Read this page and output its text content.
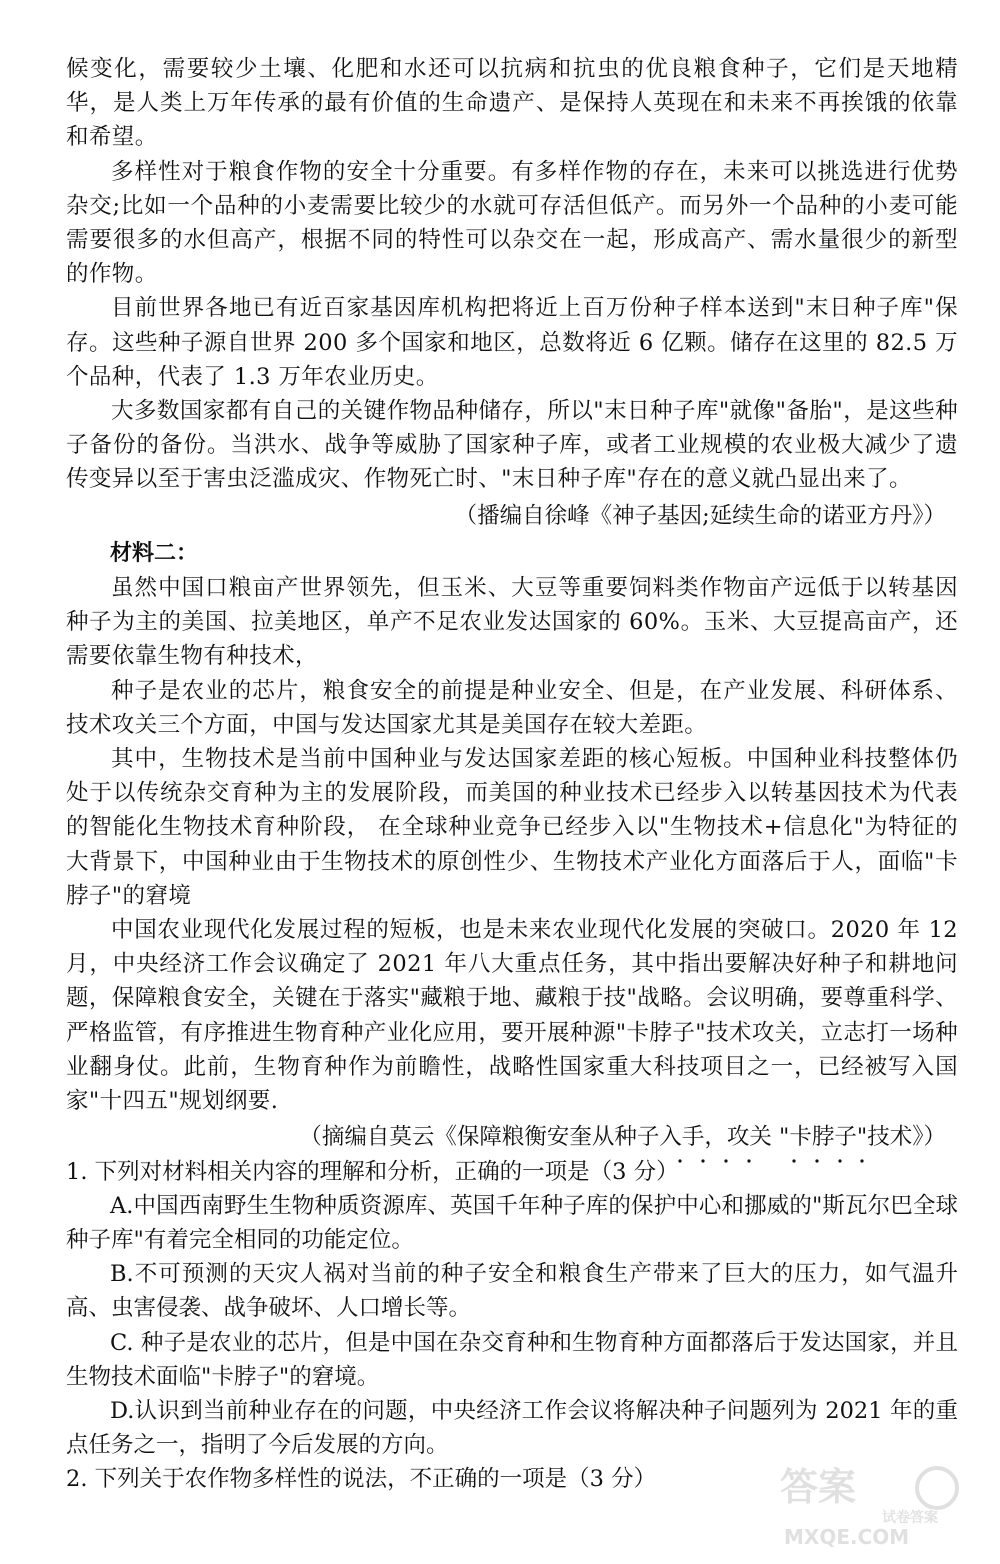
候变化，需要较少土壤、化肥和水还可以抗病和抗虫的优良粮食种子，它们是天地精华，是人类上万年传承的最有价值的生命遗产、是保持人英现在和未来不再挨饿的依靠和希望。

多样性对于粮食作物的安全十分重要。有多样作物的存在，未来可以挑选进行优势杂交;比如一个品种的小麦需要比较少的水就可存活但低产。而另外一个品种的小麦可能需要很多的水但高产，根据不同的特性可以杂交在一起，形成高产、需水量很少的新型的作物。

目前世界各地已有近百家基因库机构把将近上百万份种子样本送到"末日种子库"保存。这些种子源自世界 200 多个国家和地区，总数将近 6 亿颗。储存在这里的 82.5 万个品种，代表了 1.3 万年农业历史。

大多数国家都有自己的关键作物品种储存，所以"末日种子库"就像"备胎"，是这些种子备份的备份。当洪水、战争等威胁了国家种子库，或者工业规模的农业极大减少了遗传变异以至于害虫泛滥成灾、作物死亡时、"末日种子库"存在的意义就凸显出来了。

（播编自徐峰《神子基因;延续生命的诺亚方丹》）

材料二：

虽然中国口粮亩产世界领先，但玉米、大豆等重要饲料类作物亩产远低于以转基因种子为主的美国、拉美地区，单产不足农业发达国家的 60%。玉米、大豆提高亩产，还需要依靠生物有种技术，

种子是农业的芯片，粮食安全的前提是种业安全、但是，在产业发展、科研体系、技术攻关三个方面，中国与发达国家尤其是美国存在较大差距。

其中，生物技术是当前中国种业与发达国家差距的核心短板。中国种业科技整体仍处于以传统杂交育种为主的发展阶段，而美国的种业技术已经步入以转基因技术为代表的智能化生物技术育种阶段， 在全球种业竞争已经步入以"生物技术+信息化"为特征的大背景下，中国种业由于生物技术的原创性少、生物技术产业化方面落后于人，面临"卡脖子"的窘境

中国农业现代化发展过程的短板，也是未来农业现代化发展的突破口。2020 年 12 月，中央经济工作会议确定了 2021 年八大重点任务，其中指出要解决好种子和耕地问题，保障粮食安全，关键在于落实"藏粮于地、藏粮于技"战略。会议明确，要尊重科学、严格监管，有序推进生物育种产业化应用，要开展种源"卡脖子"技术攻关，立志打一场种业翻身仗。此前，生物育种作为前瞻性，战略性国家重大科技项目之一，已经被写入国家"十四五"规划纲要.

（摘编自莫云《保障粮衡安奎从种子入手，攻关 "卡脖子"技术》）

1. 下列对材料相关内容的理解和分析，正确的一项是（3 分）

A.中国西南野生生物种质资源库、英国千年种子库的保护中心和挪威的"斯瓦尔巴全球种子库"有着完全相同的功能定位。

B.不可预测的天灾人祸对当前的种子安全和粮食生产带来了巨大的压力，如气温升高、虫害侵袭、战争破坏、人口增长等。

C. 种子是农业的芯片，但是中国在杂交育种和生物育种方面都落后于发达国家，并且生物技术面临"卡脖子"的窘境。

D.认识到当前种业存在的问题，中央经济工作会议将解决种子问题列为 2021 年的重点任务之一，指明了今后发展的方向。

2. 下列关于农作物多样性的说法，不正确的一项是（3 分）	答案
试卷答案
MXQE.COM
